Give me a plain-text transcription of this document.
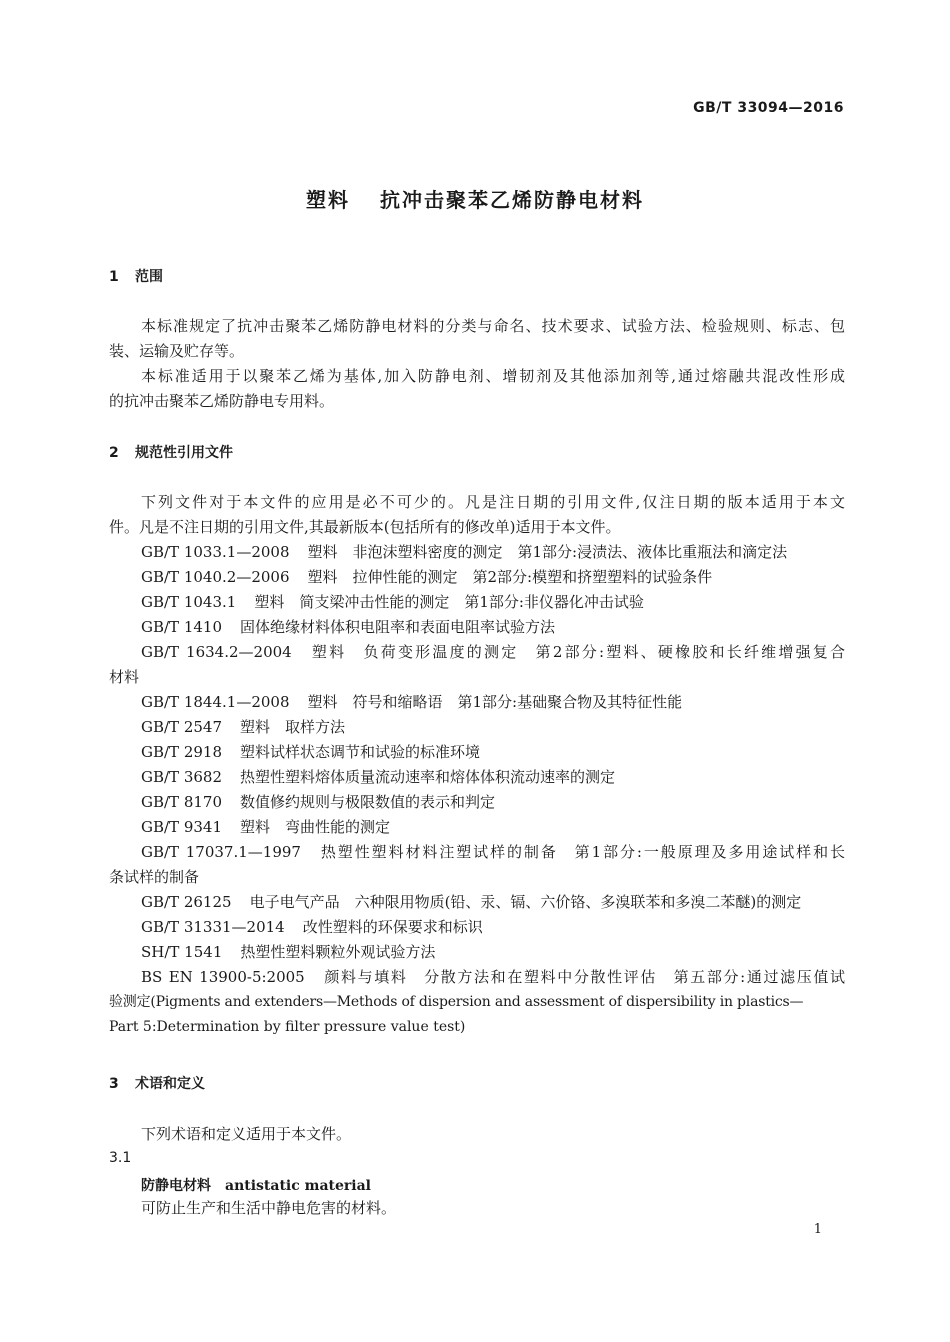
GB/T 33094—2016
塑料 抗冲击聚苯乙烯防静电材料
1 范围
本标准规定了抗冲击聚苯乙烯防静电材料的分类与命名、技术要求、试验方法、检验规则、标志、包
装、运输及贮存等。
本标准适用于以聚苯乙烯为基体,加入防静电剂、增韧剂及其他添加剂等,通过熔融共混改性形成
的抗冲击聚苯乙烯防静电专用料。
2 规范性引用文件
下列文件对于本文件的应用是必不可少的。凡是注日期的引用文件,仅注日期的版本适用于本文
件。凡是不注日期的引用文件,其最新版本(包括所有的修改单)适用于本文件。
GB/T 1033.1—2008 塑料　非泡沫塑料密度的测定　第1部分:浸渍法、液体比重瓶法和滴定法
GB/T 1040.2—2006 塑料　拉伸性能的测定　第2部分:模塑和挤塑塑料的试验条件
GB/T 1043.1 塑料　简支梁冲击性能的测定　第1部分:非仪器化冲击试验
GB/T 1410 固体绝缘材料体积电阻率和表面电阻率试验方法
GB/T 1634.2—2004 塑料　负荷变形温度的测定　第2部分:塑料、硬橡胶和长纤维增强复合
材料
GB/T 1844.1—2008 塑料　符号和缩略语　第1部分:基础聚合物及其特征性能
GB/T 2547 塑料　取样方法
GB/T 2918 塑料试样状态调节和试验的标准环境
GB/T 3682 热塑性塑料熔体质量流动速率和熔体体积流动速率的测定
GB/T 8170 数值修约规则与极限数值的表示和判定
GB/T 9341 塑料　弯曲性能的测定
GB/T 17037.1—1997 热塑性塑料材料注塑试样的制备　第1部分:一般原理及多用途试样和长
条试样的制备
GB/T 26125 电子电气产品　六种限用物质(铅、汞、镉、六价铬、多溴联苯和多溴二苯醚)的测定
GB/T 31331—2014 改性塑料的环保要求和标识
SH/T 1541 热塑性塑料颗粒外观试验方法
BS EN 13900-5:2005 颜料与填料　分散方法和在塑料中分散性评估　第五部分:通过滤压值试
验测定(Pigments and extenders—Methods of dispersion and assessment of dispersibility in plastics—
Part 5:Determination by filter pressure value test)
3 术语和定义
下列术语和定义适用于本文件。
3.1
防静电材料 antistatic material
可防止生产和生活中静电危害的材料。
1
